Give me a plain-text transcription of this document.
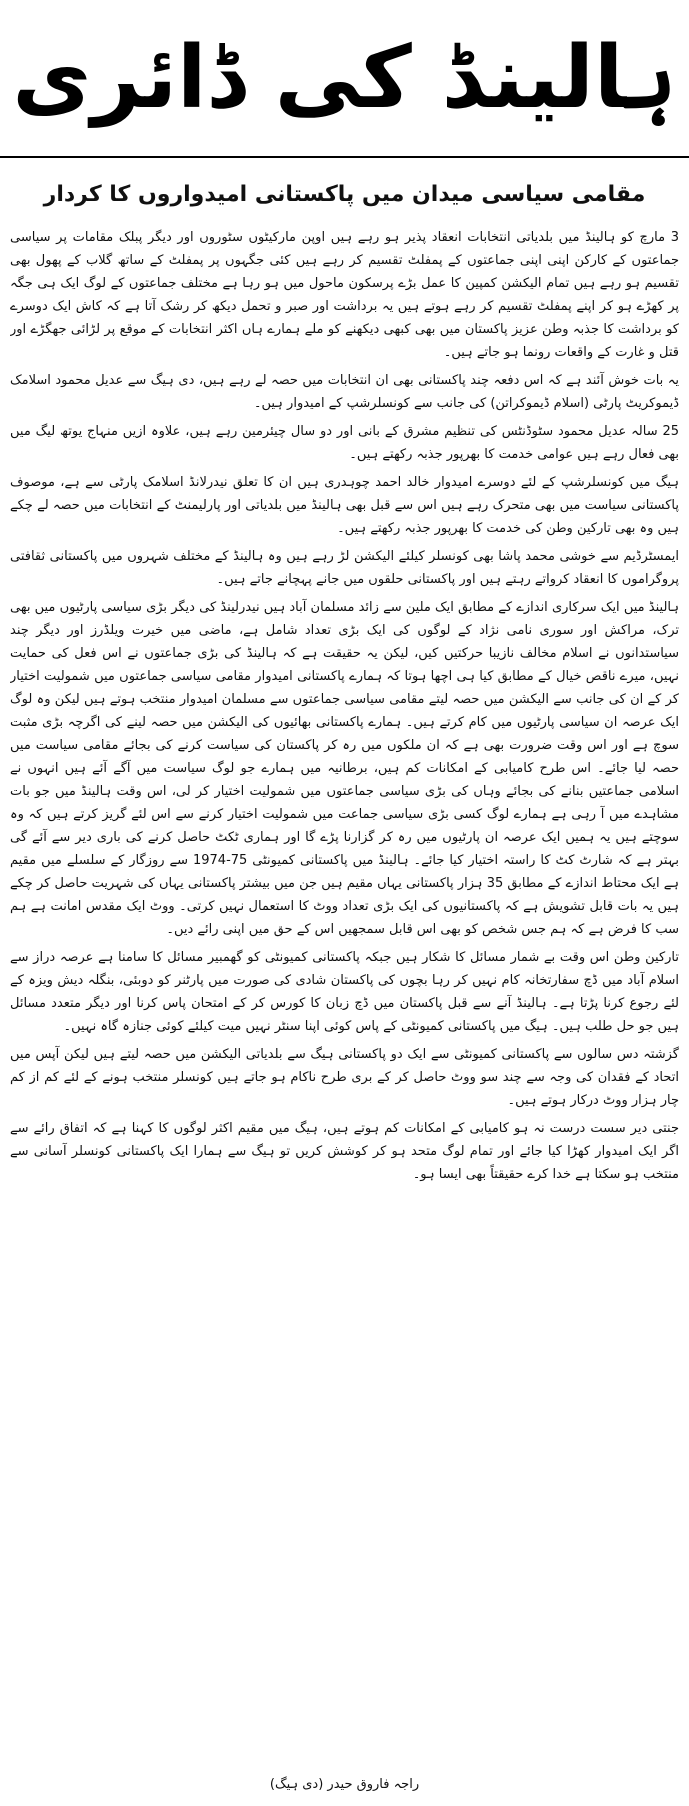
ہالینڈ کی ڈائری
مقامی سیاسی میدان میں پاکستانی امیدواروں کا کردار

3 مارچ کو ہالینڈ میں بلدیاتی انتخابات انعقاد پذیر ہو رہے ہیں اوپن مارکیٹوں سٹوروں اور دیگر پبلک مقامات پر سیاسی جماعتوں کے کارکن اپنی اپنی جماعتوں کے پمفلٹ تقسیم کر رہے ہیں کئی جگہوں پر پمفلٹ کے ساتھ گلاب کے پھول بھی تقسیم ہو رہے ہیں تمام الیکشن کمپین کا عمل بڑے پرسکون ماحول میں ہو رہا ہے مختلف جماعتوں کے لوگ ایک ہی جگہ پر کھڑے ہو کر اپنے پمفلٹ تقسیم کر رہے ہوتے ہیں یہ برداشت اور صبر و تحمل دیکھ کر رشک آتا ہے کہ کاش ایک دوسرے کو برداشت کا جذبہ وطن عزیز پاکستان میں بھی کبھی دیکھنے کو ملے ہمارے ہاں اکثر انتخابات کے موقع پر لڑائی جھگڑے اور قتل و غارت کے واقعات رونما ہو جاتے ہیں۔

یہ بات خوش آئند ہے کہ اس دفعہ چند پاکستانی بھی ان انتخابات میں حصہ لے رہے ہیں، دی ہیگ سے عدیل محمود اسلامک ڈیموکریٹ پارٹی (اسلام ڈیموکراتن) کی جانب سے کونسلرشپ کے امیدوار ہیں۔

25 سالہ عدیل محمود سٹوڈنٹس کی تنظیم مشرق کے بانی اور دو سال چیئرمین رہے ہیں، علاوہ ازیں منہاج یوتھ لیگ میں بھی فعال رہے ہیں عوامی خدمت کا بھرپور جذبہ رکھتے ہیں۔

ہیگ میں کونسلرشپ کے لئے دوسرے امیدوار خالد احمد چوہدری ہیں ان کا تعلق نیدرلانڈ اسلامک پارٹی سے ہے، موصوف پاکستانی سیاست میں بھی متحرک رہے ہیں اس سے قبل بھی ہالینڈ میں بلدیاتی اور پارلیمنٹ کے انتخابات میں حصہ لے چکے ہیں وہ بھی تارکین وطن کی خدمت کا بھرپور جذبہ رکھتے ہیں۔

ایمسٹرڈیم سے خوشی محمد پاشا بھی کونسلر کیلئے الیکشن لڑ رہے ہیں وہ ہالینڈ کے مختلف شہروں میں پاکستانی ثقافتی پروگراموں کا انعقاد کرواتے رہتے ہیں اور پاکستانی حلقوں میں جانے پہچانے جاتے ہیں۔

ہالینڈ میں ایک سرکاری اندازے کے مطابق ایک ملین سے زائد مسلمان آباد ہیں نیدرلینڈ کی دیگر بڑی سیاسی پارٹیوں میں بھی ترک، مراکش اور سوری نامی نژاد کے لوگوں کی ایک بڑی تعداد شامل ہے، ماضی میں خیرت ویلڈرز اور دیگر چند سیاستدانوں نے اسلام مخالف نازیبا حرکتیں کیں، لیکن یہ حقیقت ہے کہ ہالینڈ کی بڑی جماعتوں نے اس فعل کی حمایت نہیں، میرے ناقص خیال کے مطابق کیا ہی اچھا ہوتا کہ ہمارے پاکستانی امیدوار مقامی سیاسی جماعتوں میں شمولیت اختیار کر کے ان کی جانب سے الیکشن میں حصہ لیتے مقامی سیاسی جماعتوں سے مسلمان امیدوار منتخب ہوتے ہیں لیکن وہ لوگ ایک عرصہ ان سیاسی پارٹیوں میں کام کرتے ہیں۔ ہمارے پاکستانی بھائیوں کی الیکشن میں حصہ لینے کی اگرچہ بڑی مثبت سوچ ہے اور اس وقت ضرورت بھی ہے کہ ان ملکوں میں رہ کر پاکستان کی سیاست کرنے کی بجائے مقامی سیاست میں حصہ لیا جائے۔ اس طرح کامیابی کے امکانات کم ہیں، برطانیہ میں ہمارے جو لوگ سیاست میں آگے آئے ہیں انہوں نے اسلامی جماعتیں بنانے کی بجائے وہاں کی بڑی سیاسی جماعتوں میں شمولیت اختیار کر لی، اس وقت ہالینڈ میں جو بات مشاہدے میں آ رہی ہے ہمارے لوگ کسی بڑی سیاسی جماعت میں شمولیت اختیار کرنے سے اس لئے گریز کرتے ہیں کہ وہ سوچتے ہیں یہ ہمیں ایک عرصہ ان پارٹیوں میں رہ کر گزارنا پڑے گا اور ہماری ٹکٹ حاصل کرنے کی باری دیر سے آئے گی بہتر ہے کہ شارٹ کٹ کا راستہ اختیار کیا جائے۔ ہالینڈ میں پاکستانی کمیونٹی 75-1974 سے روزگار کے سلسلے میں مقیم ہے ایک محتاط اندازے کے مطابق 35 ہزار پاکستانی یہاں مقیم ہیں جن میں بیشتر پاکستانی یہاں کی شہریت حاصل کر چکے ہیں یہ بات قابل تشویش ہے کہ پاکستانیوں کی ایک بڑی تعداد ووٹ کا استعمال نہیں کرتی۔ ووٹ ایک مقدس امانت ہے ہم سب کا فرض ہے کہ ہم جس شخص کو بھی اس قابل سمجھیں اس کے حق میں اپنی رائے دیں۔

تارکین وطن اس وقت بے شمار مسائل کا شکار ہیں جبکہ پاکستانی کمیونٹی کو گھمبیر مسائل کا سامنا ہے عرصہ دراز سے اسلام آباد میں ڈچ سفارتخانہ کام نہیں کر رہا بچوں کی پاکستان شادی کی صورت میں پارٹنر کو دوبئی، بنگلہ دیش ویزہ کے لئے رجوع کرنا پڑتا ہے۔ ہالینڈ آنے سے قبل پاکستان میں ڈچ زبان کا کورس کر کے امتحان پاس کرنا اور دیگر متعدد مسائل ہیں جو حل طلب ہیں۔ ہیگ میں پاکستانی کمیونٹی کے پاس کوئی اپنا سنٹر نہیں میت کیلئے کوئی جنازہ گاہ نہیں۔

گزشتہ دس سالوں سے پاکستانی کمیونٹی سے ایک دو پاکستانی ہیگ سے بلدیاتی الیکشن میں حصہ لیتے ہیں لیکن آپس میں اتحاد کے فقدان کی وجہ سے چند سو ووٹ حاصل کر کے بری طرح ناکام ہو جاتے ہیں کونسلر منتخب ہونے کے لئے کم از کم چار ہزار ووٹ درکار ہوتے ہیں۔

جنتی دیر سست درست نہ ہو کامیابی کے امکانات کم ہوتے ہیں، ہیگ میں مقیم اکثر لوگوں کا کہنا ہے کہ اتفاق رائے سے اگر ایک امیدوار کھڑا کیا جائے اور تمام لوگ متحد ہو کر کوشش کریں تو ہیگ سے ہمارا ایک پاکستانی کونسلر آسانی سے منتخب ہو سکتا ہے خدا کرے حقیقتاً بھی ایسا ہو۔

راجہ فاروق حیدر (دی ہیگ)
